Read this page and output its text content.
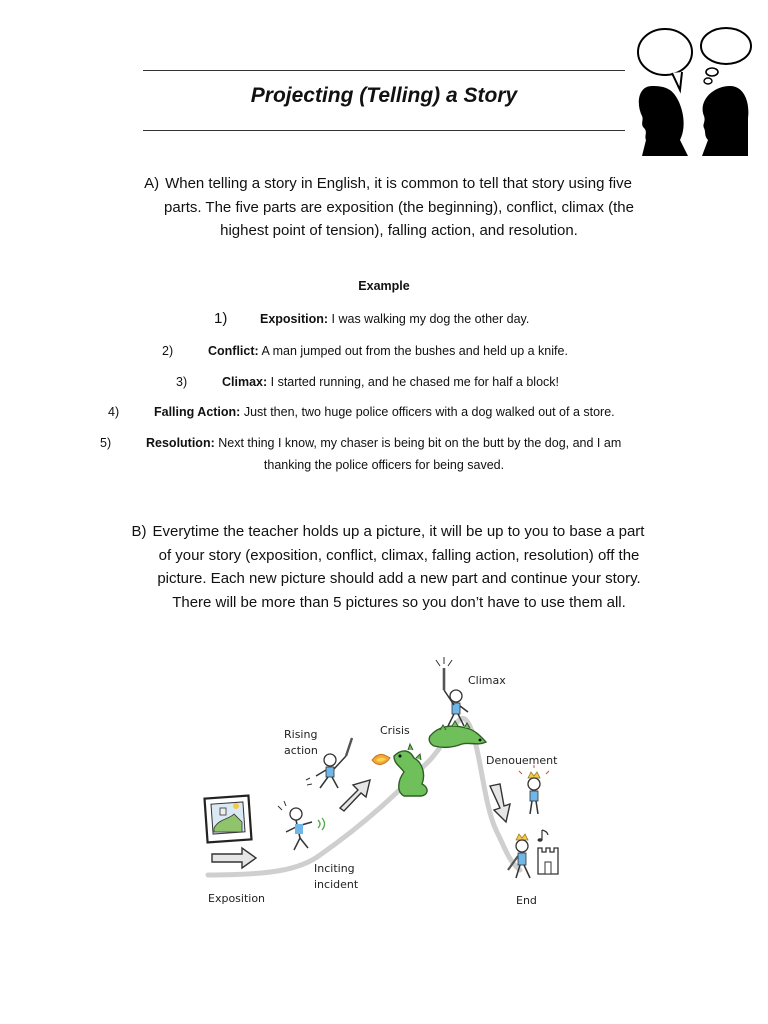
Projecting (Telling) a Story
A) When telling a story in English, it is common to tell that story using five
parts. The five parts are exposition (the beginning), conflict, climax (the
highest point of tension), falling action, and resolution.
Example
1)	Exposition: I was walking my dog the other day.
2)	Conflict: A man jumped out from the bushes and held up a knife.
3)	Climax: I started running, and he chased me for half a block!
4)	Falling Action: Just then, two huge police officers with a dog walked out of a store.
5)	Resolution: Next thing I know, my chaser is being bit on the butt by the dog, and I am
thanking the police officers for being saved.
B) Everytime the teacher holds up a picture, it will be up to you to base a part
of your story (exposition, conflict, climax, falling action, resolution) off the
picture. Each new picture should add a new part and continue your story.
There will be more than 5 pictures so you don’t have to use them all.
Exposition
Inciting
incident
Rising
action
Crisis
Climax
Denouement
End
